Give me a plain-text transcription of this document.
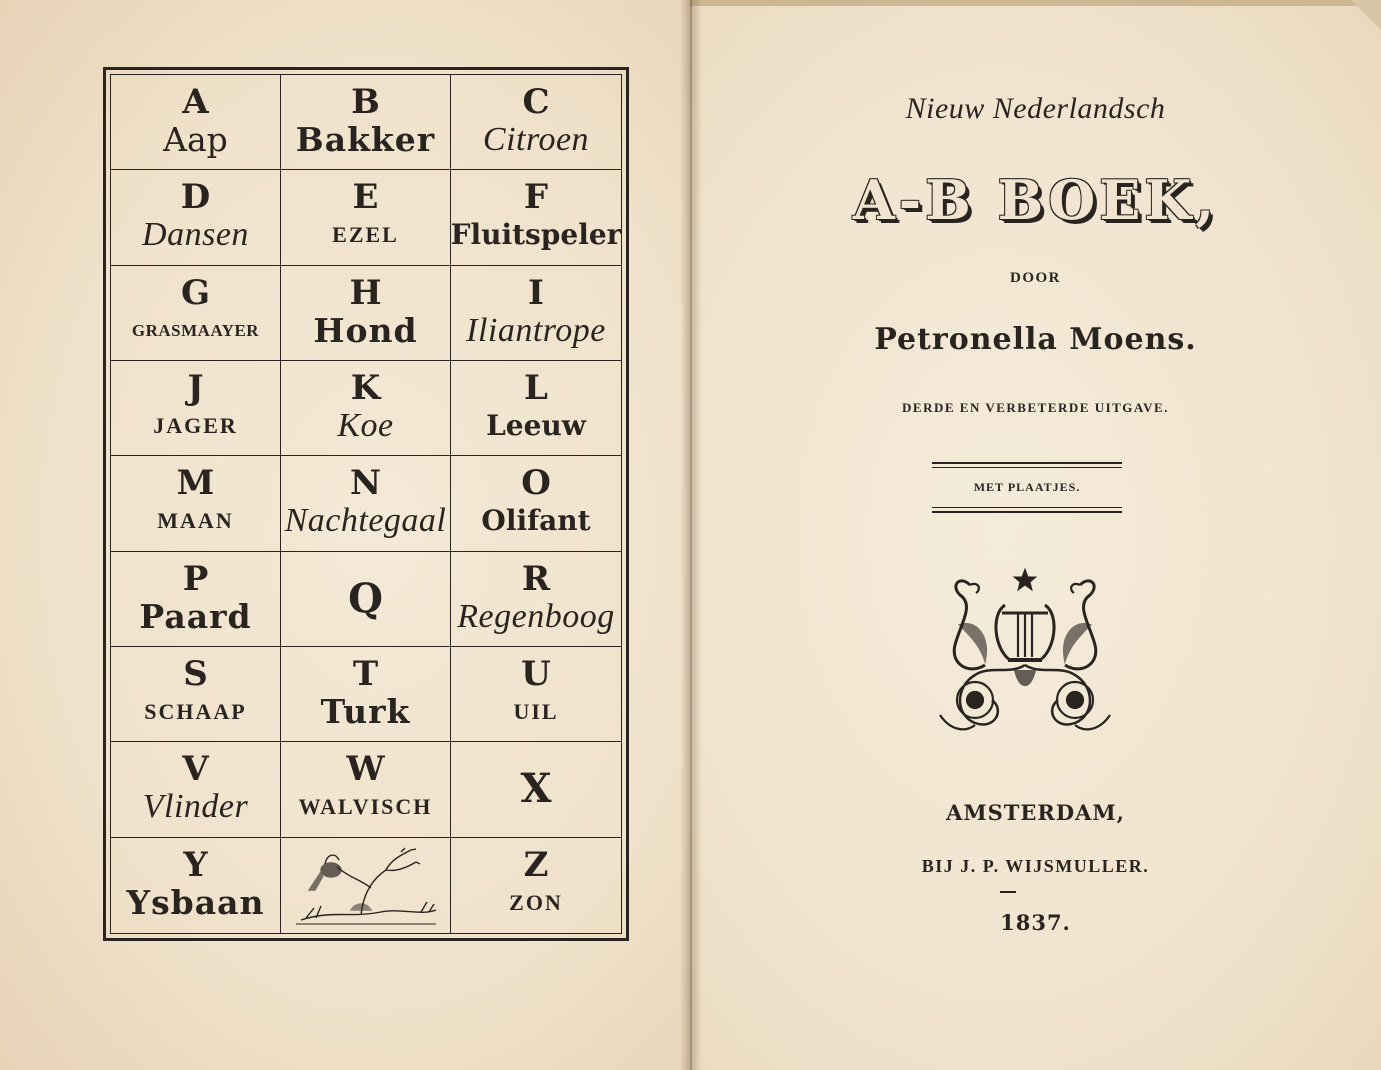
A
Aap
B
Bakker
C
Citroen
D
Dansen
E
EZEL
F
Fluitspeler
G
GRASMAAYER
H
Hond
I
Iliantrope
J
JAGER
K
Koe
L
Leeuw
M
MAAN
N
Nachtegaal
O
Olifant
P
Paard Q	R
Regenboog
S
SCHAAP
T
Turk
U
UIL
V
Vlinder
W
WALVISCH X
Y
Ysbaan
Z
ZON
Nieuw Nederlandsch
A-B BOEK,
DOOR
Petronella Moens.
DERDE EN VERBETERDE UITGAVE.
MET PLAATJES.
AMSTERDAM,
BIJ J. P. WIJSMULLER.
1837.
